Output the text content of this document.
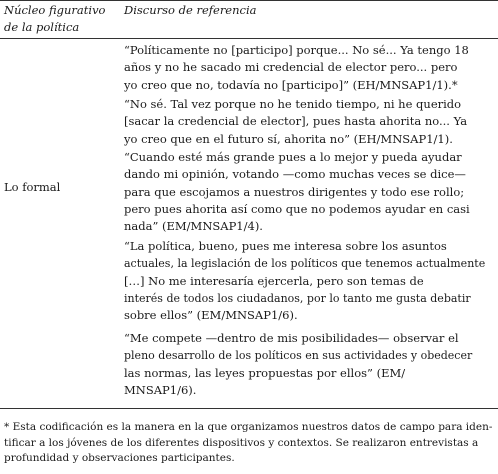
Núcleo figurativo
de la política
Discurso de referencia
Lo formal

“Políticamente no [participo] porque... No sé... Ya tengo 18

años y no he sacado mi credencial de elector pero... pero

yo creo que no, todavía no [participo]” (EH/MNSAP1/1).*

“No sé. Tal vez porque no he tenido tiempo, ni he querido

[sacar la credencial de elector], pues hasta ahorita no... Ya

yo creo que en el futuro sí, ahorita no” (EH/MNSAP1/1).

“Cuando esté más grande pues a lo mejor y pueda ayudar

dando mi opinión, votando —como muchas veces se dice—

para que escojamos a nuestros dirigentes y todo ese rollo;

pero pues ahorita así como que no podemos ayudar en casi

nada” (EM/MNSAP1/4).

“La política, bueno, pues me interesa sobre los asuntos

actuales, la legislación de los políticos que tenemos actualmente

[…] No me interesaría ejercerla, pero son temas de

interés de todos los ciudadanos, por lo tanto me gusta debatir

sobre ellos” (EM/MNSAP1/6).

“Me compete —dentro de mis posibilidades— observar el

pleno desarrollo de los políticos en sus actividades y obedecer

las normas, las leyes propuestas por ellos” (EM/

MNSAP1/6).

* Esta codificación es la manera en la que organizamos nuestros datos de campo para iden-
tificar a los jóvenes de los diferentes dispositivos y contextos. Se realizaron entrevistas a
profundidad y observaciones participantes.
